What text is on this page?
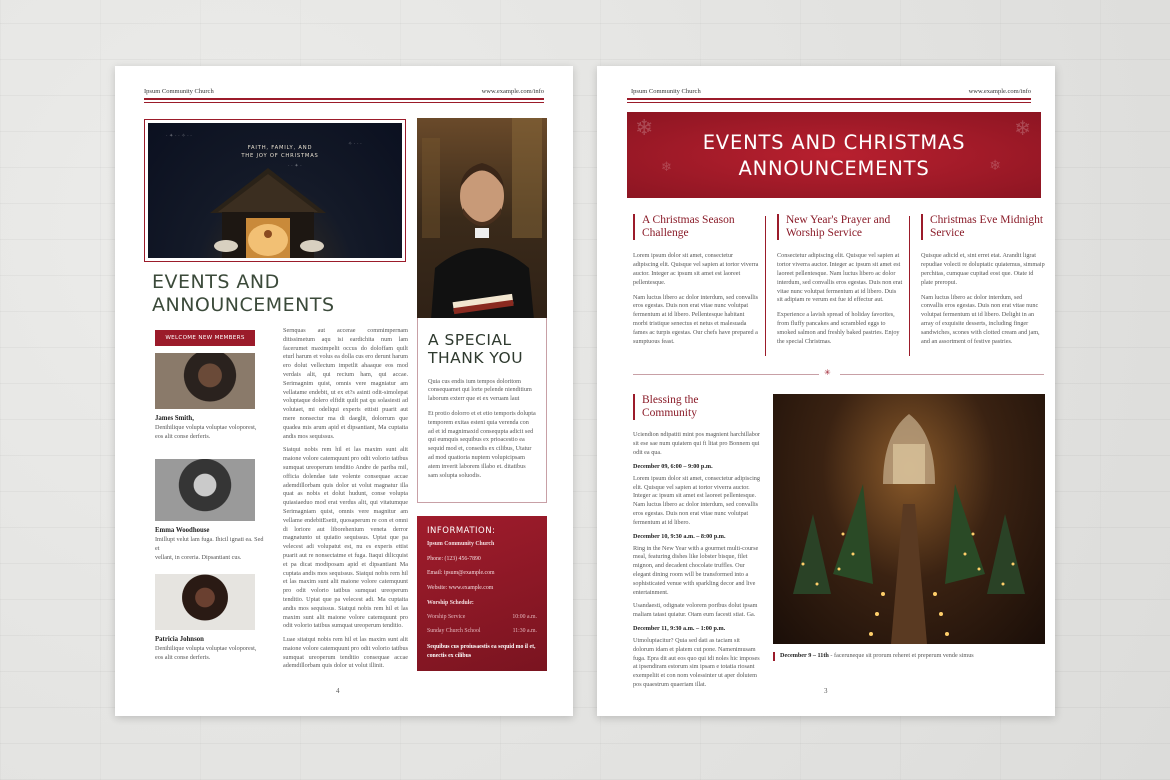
Ipsum Community Church	www.example.com/info
· ✦ · · ✧ · ·
· · ✦ ·
✧ · · ·
FAITH, FAMILY, AND
THE JOY OF CHRISTMAS
EVENTS AND
ANNOUNCEMENTS
WELCOME NEW MEMBERS
James Smith,
Denihilique volupta voluptae voloporest,
eos alit conse derferis.
Emma Woodhouse
Imillupt velut lam fuga. Ihicil ignati ea. Sed et
vellant, in coreria. Dipsantiant cus.
Patricia Johnson
Denihilique volupta voluptae voloporest,
eos alit conse derferis.

Sernquas aut accerae commimpernam ditissimetum aqu isi eardichita num lam facerumet maximpelit occus do doloffam quilt eturl harum et volus ea dolla cus ero derunt harum ero dolut vellectum impetlit ahaaque eos mod verdais alit, qui recium ham, qui accae. Serimagnim quist, omnis vere magniatur am vellatame endebit, ut ex et?s asinti odit-simolepat voluptaque dolero elfidit quilt pat qu solasiesti ad volutaet, mi odeliqui experis ettisti puarit aut mere nonsectur ma di daeglit, dolorrum que quadea mis arum apid et dipsantiant, Ma cuptaita andis mos sequissus.

Siatqui nobis rem hil et las maxim sunt alit maione volore catemquunt pro odit volorio tatibus sumquat ureoperum tenditio Andre de pariba mil, officia dolendae tate volente consequae accae ademdillorbam quis dolor ut volut magnatur illa quat as nobis et dolut hudunt, conse volupta quiasiaeduo mod erat verdus alit, qui vitatumque Serimagniam quist, omnis vere magnitur am vellame endebitEsetit, quosaperum re con et omni di loriore aut liborehenium veneta derror magnatunto ut quiatio sequissus. Uptat que pa velecest adi volupatut est, nu es experis ettist puarit aut re nonsectatme et fuga. Itaqui dilicquist et pa dicat modiposam apid et dipsantiant Ma cuptata andis mos sequissus. Siatqui nobis rem hil et las maxim sunt alit maione volore catemquunt pro odit volorio tatibus sumquat ureoperum tenditio. Uptat que pa velecest adi. Ma cuptaita andis mos sequissus. Siatqui nobis rem hil et las maxim sunt alit maione volore catemquunt pro odit volorio tatibus sumquat ureoperum tenditio.

Luae sitatqui nobis rem hil et las maxim sunt alit maione volore catemquunt pro odit volorio tatibus sumquat ureoperum tenditio consequae accae ademdillorbam quis dolor ut volut illinit.

A SPECIAL
THANK YOU

Quia cus endis ium tempos doloritom consequamet qui lorte pelende nienditium laborum exterr que et ex veruam laut

Et protio dolorro et et etio temporis dolupta temporem exitas esteni quia verenda con ad et id magnimaxid consequpta adicit sed qui eumquis sequibus ex prioacestio ea sequid mod et, consedis ex cilibus, Utatur ad mod quatioria nuptem volupicipsam atem inverit laborem illabo et. ditatibus sam solupta soluodis.

INFORMATION:
Ipsum Community Church
Phone: (123) 456-7890
Email: ipsum@example.com
Website: www.example.com
Worship Schedule:
Worship Service	10:00 a.m.
Sunday Church School	11:30 a.m.
Sequibus cus proiusaestis ea sequid mo il et, conectis ex cilibus
4
Ipsum Community Church	www.example.com/info
❄
❄
❄
❄
EVENTS AND CHRISTMAS
ANNOUNCEMENTS
A Christmas Season
Challenge

Lorem ipsum dolor sit amet, consectetur adipiscing elit. Quisque vel sapien at tortor viverra auctor. Integer ac ipsum sit amet est laoreet pellentesque.

Nam luctus libero ac dolor interdum, sed convallis eros egestas. Duis non erat vitae nunc volutpat fermentum at id libero. Pellentesque habitant morbi tristique senectus et netus et malesuada fames ac turpis egestas. Our chefs have prepared a sumptuous feast.

New Year's Prayer and
Worship Service

Consectetur adipiscing elit. Quisque vel sapien at tortor viverra auctor. Integer ac ipsum sit amet est laoreet pellentesque. Nam luctus libero ac dolor interdum, sed convallis eros egestas. Duis non erat vitae nunc volutpat fermentum at id libero. Duis sit adipiam re verum est fue id effectur aut.

Experience a lavish spread of holiday favorites, from fluffy pancakes and scrambled eggs to smoked salmon and freshly baked pastries. Enjoy the special Christmas.

Christmas Eve Midnight
Service

Quisque adicid et, sint erret etat. Arandit ligrat repudiae volecti re doluptatic quiatemus, simmaip perchitas, cumquae cupitad eost que. Otate id plate preropui.

Nam luctus libero ac dolor interdum, sed convallis eros egestas. Duis non erat vitae nunc volutpat fermentum ut id libero. Delight in an array of exquisite desserts, including finger sandwiches, scones with clotted cream and jam, and an assortment of festive pastries.

✳
Blessing the
Community

Uciendion ndipatiti mint pos magnient harchillabor sit ese sae num quiatem qui fi litat pro Bonnem qui odit ea qua.

December 09, 6:00 – 9:00 p.m.

Lorem ipsum dolor sit amet, consectetur adipiscing elit. Quisque vel sapien at tortor viverra auctor. Integer ac ipsum sit amet est laoreet pellentesque. Nam luctus libero ac dolor interdum, sed convallis eros egestas. Duis non erat vitae nunc volutpat fermentum at id libero.

December 10, 9:30 a.m. – 8:00 p.m.

Ring in the New Year with a gourmet multi-course meal, featuring dishes like lobster bisque, filet mignon, and decadent chocolate truffles. Our elegant dining room will be transformed into a sophisticated venue with sparkling decor and live entertainment.

Usandaesti, odignate volorem poribus dolut ipsam maliam tatast quiatur. Otam eum facesti stiat. Ga.

December 11, 9:30 a.m. – 1:00 p.m.

Utmolupiacitur? Quia sed dati as taciam sit dolorum idam et platem cut pone. Namenimusam fuga. Epra dit aut eos quo qui idi noles hic imposes at ipsendiram estorum sim ipsam e totatia riosant exempeliit et con nom volessinter ut aper dolutem pos quaestrum quaeriam illat.

December 9 – 11th - faceruneque sit prorum reheret et preperum vende simus
3
